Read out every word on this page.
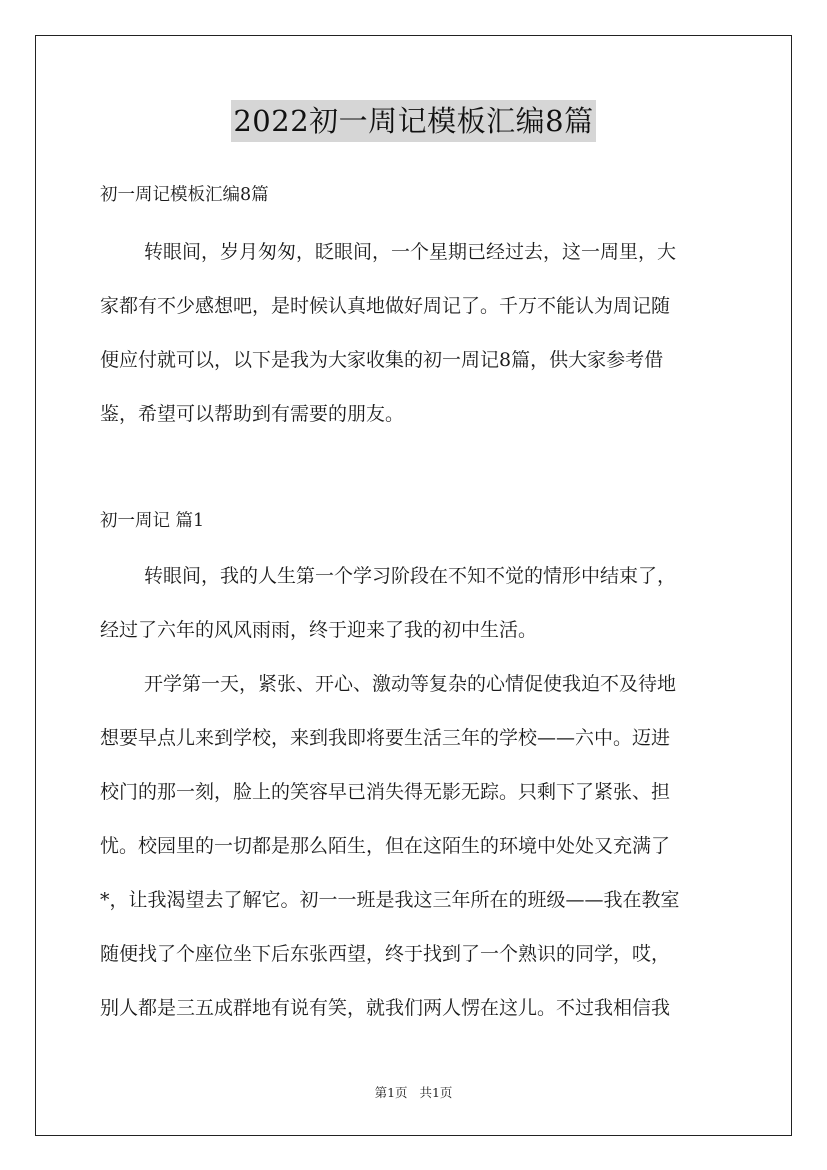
2022初一周记模板汇编8篇
初一周记模板汇编8篇
转眼间，岁月匆匆，眨眼间，一个星期已经过去，这一周里，大
家都有不少感想吧，是时候认真地做好周记了。千万不能认为周记随
便应付就可以，以下是我为大家收集的初一周记8篇，供大家参考借
鉴，希望可以帮助到有需要的朋友。
初一周记 篇1
转眼间，我的人生第一个学习阶段在不知不觉的情形中结束了，
经过了六年的风风雨雨，终于迎来了我的初中生活。
开学第一天，紧张、开心、激动等复杂的心情促使我迫不及待地
想要早点儿来到学校，来到我即将要生活三年的学校——六中。迈进
校门的那一刻，脸上的笑容早已消失得无影无踪。只剩下了紧张、担
忧。校园里的一切都是那么陌生，但在这陌生的环境中处处又充满了
*，让我渴望去了解它。初一一班是我这三年所在的班级——我在教室
随便找了个座位坐下后东张西望，终于找到了一个熟识的同学，哎，
别人都是三五成群地有说有笑，就我们两人愣在这儿。不过我相信我
第1页   共1页
